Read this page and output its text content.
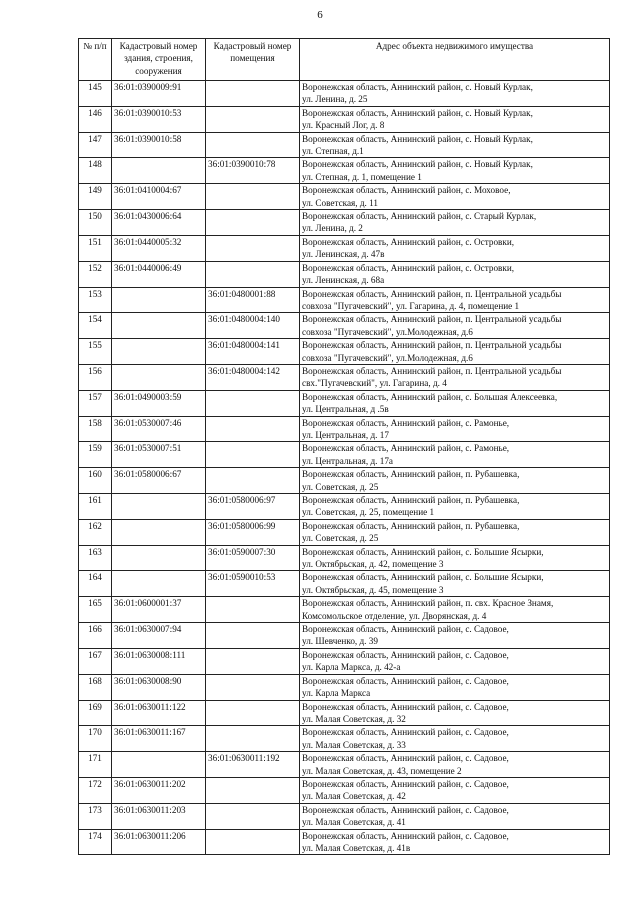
6
№ п/п	Кадастровый номер здания, строения, сооружения	Кадастровый номер помещения	Адрес объекта недвижимого имущества
145	36:01:0390009:91		Воронежская область, Аннинский район, с. Новый Курлак,
ул. Ленина, д. 25

146	36:01:0390010:53		Воронежская область, Аннинский район, с. Новый Курлак,
ул. Красный Лог, д. 8

147	36:01:0390010:58		Воронежская область, Аннинский район, с. Новый Курлак,
ул. Степная, д.1

148		36:01:0390010:78	Воронежская область, Аннинский район, с. Новый Курлак,
ул. Степная, д. 1, помещение 1

149	36:01:0410004:67		Воронежская область, Аннинский район, с. Моховое,
ул. Советская, д. 11

150	36:01:0430006:64		Воронежская область, Аннинский район, с. Старый Курлак,
ул. Ленина, д. 2

151	36:01:0440005:32		Воронежская область, Аннинский район, с. Островки,
ул. Ленинская, д. 47в

152	36:01:0440006:49		Воронежская область, Аннинский район, с. Островки,
ул. Ленинская, д. 68а

153		36:01:0480001:88	Воронежская область, Аннинский район, п. Центральной усадьбы
совхоза "Пугачевский", ул. Гагарина, д. 4, помещение 1

154		36:01:0480004:140	Воронежская область, Аннинский район, п. Центральной усадьбы
совхоза "Пугачевский", ул.Молодежная, д.6

155		36:01:0480004:141	Воронежская область, Аннинский район, п. Центральной усадьбы
совхоза "Пугачевский", ул.Молодежная, д.6

156		36:01:0480004:142	Воронежская область, Аннинский район, п. Центральной усадьбы
свх."Пугачевский", ул. Гагарина, д. 4

157	36:01:0490003:59		Воронежская область, Аннинский район, с. Большая Алексеевка,
ул. Центральная, д .5в

158	36:01:0530007:46		Воронежская область, Аннинский район, с. Рамонье,
ул. Центральная, д. 17

159	36:01:0530007:51		Воронежская область, Аннинский район, с. Рамонье,
ул. Центральная, д. 17а

160	36:01:0580006:67		Воронежская область, Аннинский район, п. Рубашевка,
ул. Советская, д. 25

161		36:01:0580006:97	Воронежская область, Аннинский район, п. Рубашевка,
ул. Советская, д. 25, помещение 1

162		36:01:0580006:99	Воронежская область, Аннинский район, п. Рубашевка,
ул. Советская, д. 25

163		36:01:0590007:30	Воронежская область, Аннинский район, с. Большие Ясырки,
ул. Октябрьская, д. 42, помещение 3

164		36:01:0590010:53	Воронежская область, Аннинский район, с. Большие Ясырки,
ул. Октябрьская, д. 45, помещение 3

165	36:01:0600001:37		Воронежская область, Аннинский район, п. свх. Красное Знамя,
Комсомольское отделение, ул. Дворянская, д. 4

166	36:01:0630007:94		Воронежская область, Аннинский район, с. Садовое,
ул. Шевченко, д. 39

167	36:01:0630008:111		Воронежская область, Аннинский район, с. Садовое,
ул. Карла Маркса, д. 42-а

168	36:01:0630008:90		Воронежская область, Аннинский район, с. Садовое,
ул. Карла Маркса

169	36:01:0630011:122		Воронежская область, Аннинский район, с. Садовое,
ул. Малая Советская, д. 32

170	36:01:0630011:167		Воронежская область, Аннинский район, с. Садовое,
ул. Малая Советская, д. 33

171		36:01:0630011:192	Воронежская область, Аннинский район, с. Садовое,
ул. Малая Советская, д. 43, помещение 2

172	36:01:0630011:202		Воронежская область, Аннинский район, с. Садовое,
ул. Малая Советская, д. 42

173	36:01:0630011:203		Воронежская область, Аннинский район, с. Садовое,
ул. Малая Советская, д. 41

174	36:01:0630011:206		Воронежская область, Аннинский район, с. Садовое,
ул. Малая Советская, д. 41в
